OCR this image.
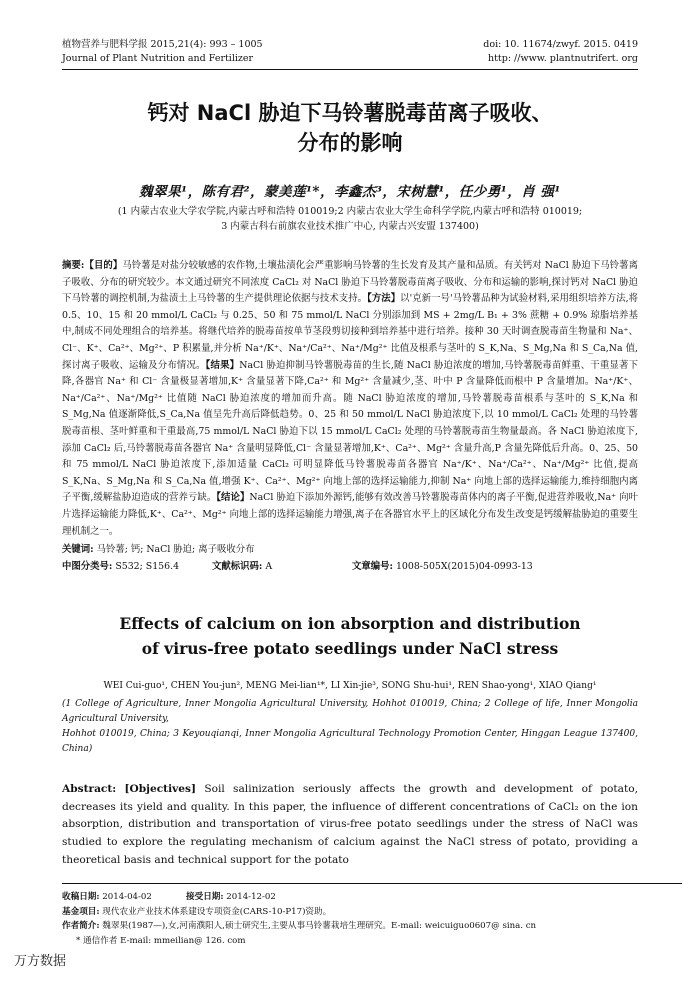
植物营养与肥料学报 2015,21(4): 993 – 1005	doi: 10. 11674/zwyf. 2015. 0419
Journal of Plant Nutrition and Fertilizer	http: //www. plantnutrifert. org
钙对 NaCl 胁迫下马铃薯脱毒苗离子吸收、
分布的影响
魏翠果¹，陈有君²，蒙美莲¹*，李鑫杰³，宋树慧¹，任少勇¹，肖 强¹
(1 内蒙古农业大学农学院,内蒙古呼和浩特 010019;2 内蒙古农业大学生命科学学院,内蒙古呼和浩特 010019;
3 内蒙古科右前旗农业技术推广中心, 内蒙古兴安盟 137400)
摘要:【目的】马铃薯是对盐分较敏感的农作物,土壤盐渍化会严重影响马铃薯的生长发育及其产量和品质。有关钙对 NaCl 胁迫下马铃薯离子吸收、分布的研究较少。本文通过研究不同浓度 CaCl₂ 对 NaCl 胁迫下马铃薯脱毒苗离子吸收、分布和运输的影响,探讨钙对 NaCl 胁迫下马铃薯的调控机制,为盐渍土上马铃薯的生产提供理论依据与技术支持。【方法】以'克新一号'马铃薯品种为试验材料,采用组织培养方法,将 0.5、10、15 和 20 mmol/L CaCl₂ 与 0.25、50 和 75 mmol/L NaCl 分别添加到 MS + 2mg/L B₁ + 3% 蔗糖 + 0.9% 琼脂培养基中,制成不同处理组合的培养基。将继代培养的脱毒苗按单节茎段剪切接种到培养基中进行培养。接种 30 天时调查脱毒苗生物量和 Na⁺、Cl⁻、K⁺、Ca²⁺、Mg²⁺、P 积累量,并分析 Na⁺/K⁺、Na⁺/Ca²⁺、Na⁺/Mg²⁺ 比值及根系与茎叶的 S_K,Na、S_Mg,Na 和 S_Ca,Na 值,探讨离子吸收、运输及分布情况。【结果】NaCl 胁迫抑制马铃薯脱毒苗的生长,随 NaCl 胁迫浓度的增加,马铃薯脱毒苗鲜重、干重显著下降,各器官 Na⁺ 和 Cl⁻ 含量极显著增加,K⁺ 含量显著下降,Ca²⁺ 和 Mg²⁺ 含量减少,茎、叶中 P 含量降低而根中 P 含量增加。Na⁺/K⁺、Na⁺/Ca²⁺、Na⁺/Mg²⁺ 比值随 NaCl 胁迫浓度的增加而升高。随 NaCl 胁迫浓度的增加,马铃薯脱毒苗根系与茎叶的 S_K,Na 和 S_Mg,Na 值逐渐降低,S_Ca,Na 值呈先升高后降低趋势。0、25 和 50 mmol/L NaCl 胁迫浓度下,以 10 mmol/L CaCl₂ 处理的马铃薯脱毒苗根、茎叶鲜重和干重最高,75 mmol/L NaCl 胁迫下以 15 mmol/L CaCl₂ 处理的马铃薯脱毒苗生物量最高。各 NaCl 胁迫浓度下,添加 CaCl₂ 后,马铃薯脱毒苗各器官 Na⁺ 含量明显降低,Cl⁻ 含量显著增加,K⁺、Ca²⁺、Mg²⁺ 含量升高,P 含量先降低后升高。0、25、50 和 75 mmol/L NaCl 胁迫浓度下,添加适量 CaCl₂ 可明显降低马铃薯脱毒苗各器官 Na⁺/K⁺、Na⁺/Ca²⁺、Na⁺/Mg²⁺ 比值,提高 S_K,Na、S_Mg,Na 和 S_Ca,Na 值,增强 K⁺、Ca²⁺、Mg²⁺ 向地上部的选择运输能力,抑制 Na⁺ 向地上部的选择运输能力,维持细胞内离子平衡,缓解盐胁迫造成的营养亏缺。【结论】NaCl 胁迫下添加外源钙,能够有效改善马铃薯脱毒苗体内的离子平衡,促进营养吸收,Na⁺ 向叶片选择运输能力降低,K⁺、Ca²⁺、Mg²⁺ 向地上部的选择运输能力增强,离子在各器官水平上的区域化分布发生改变是钙缓解盐胁迫的重要生理机制之一。
关键词: 马铃薯; 钙; NaCl 胁迫; 离子吸收分布
中图分类号: S532; S156.4	文献标识码: A	文章编号: 1008-505X(2015)04-0993-13
Effects of calcium on ion absorption and distribution
of virus-free potato seedlings under NaCl stress
WEI Cui-guo¹, CHEN You-jun², MENG Mei-lian¹*, LI Xin-jie³, SONG Shu-hui¹, REN Shao-yong¹, XIAO Qiang¹
(1 College of Agriculture, Inner Mongolia Agricultural University, Hohhot 010019, China; 2 College of life, Inner Mongolia Agricultural University,
Hohhot 010019, China; 3 Keyouqianqi, Inner Mongolia Agricultural Technology Promotion Center, Hinggan League 137400, China)
Abstract: [Objectives] Soil salinization seriously affects the growth and development of potato, decreases its yield and quality. In this paper, the influence of different concentrations of CaCl₂ on the ion absorption, distribution and transportation of virus-free potato seedlings under the stress of NaCl was studied to explore the regulating mechanism of calcium against the NaCl stress of potato, providing a theoretical basis and technical support for the potato
收稿日期: 2014-04-02	接受日期: 2014-12-02
基金项目: 现代农业产业技术体系建设专项资金(CARS-10-P17)资助。
作者简介: 魏翠果(1987—),女,河南濮阳人,硕士研究生,主要从事马铃薯栽培生理研究。E-mail: weicuiguo0607@ sina. cn
* 通信作者 E-mail: mmeilian@ 126. com
万方数据
